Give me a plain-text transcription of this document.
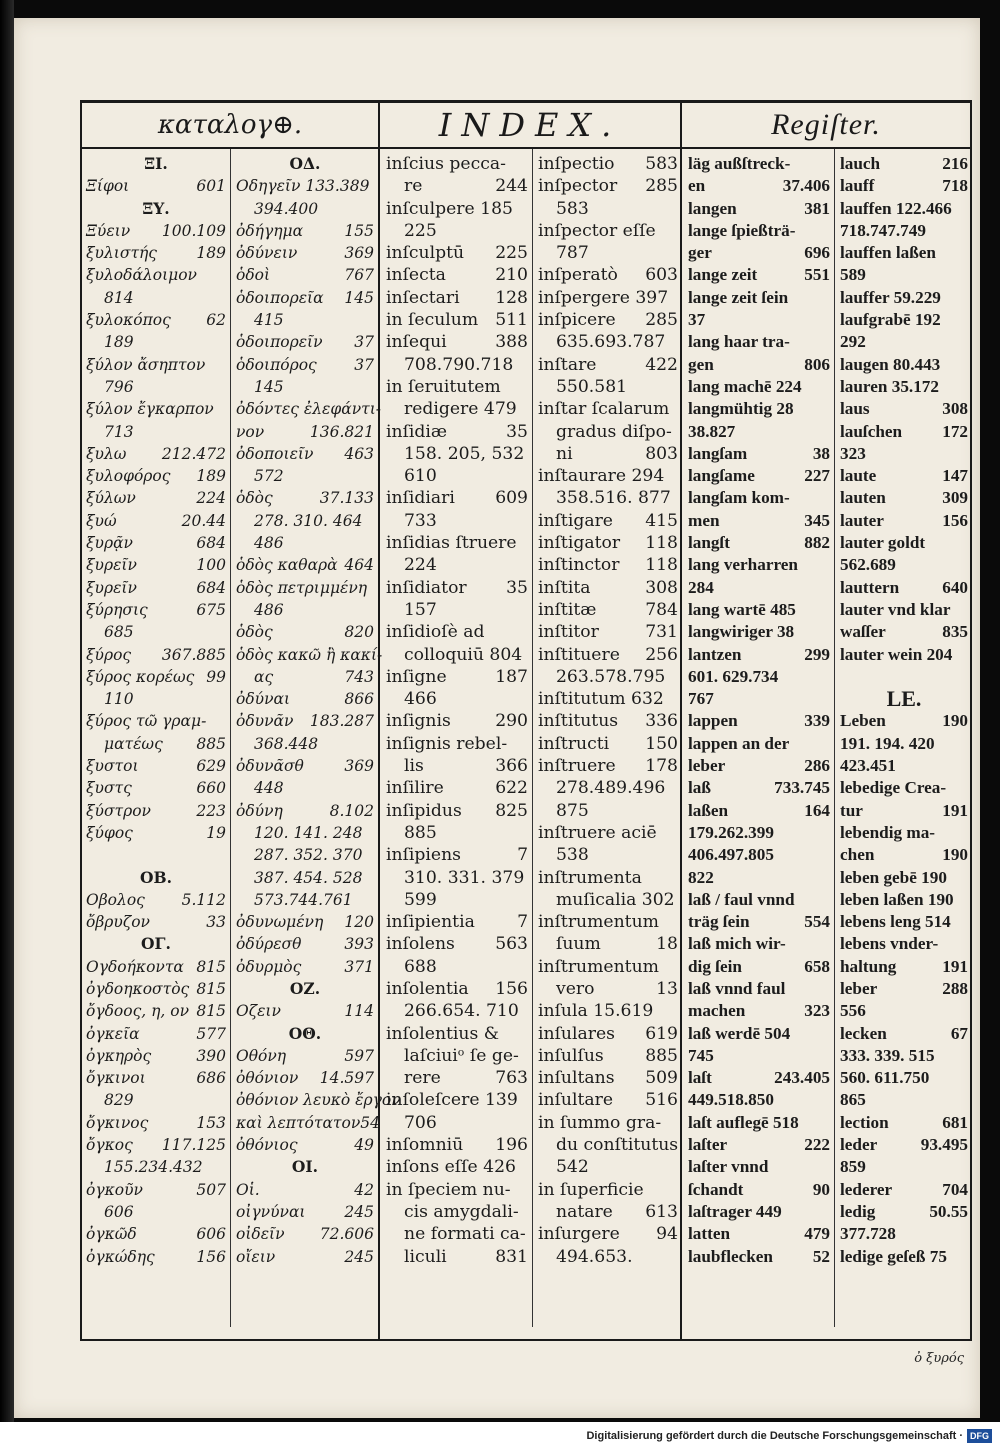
καταλογ⊕.	INDEX.	Regiſter.
ΞΙ.
Ξίφοι	601
ΞΥ.
Ξύειν 100.109
ξυλιστής	189
ξυλοδάλοιμον
814
ξυλοκόπος 62
189
ξύλον ἄσηπτον
796
ξύλον ἔγκαρπον
713
ξυλω 212.472
ξυλοφόρος 189
ξύλων	224
ξυώ	20.44
ξυρᾷν	684
ξυρεῖν	100
ξυρεῖν	684
ξύρησις	675
685
ξύρος 367.885
ξύρος κορέως 99
110
ξύρος τῶ γραμ-
ματέως 885
ξυστοι	629
ξυστς	660
ξύστρον	223
ξύφος	19
ΟΒ.
Οβολος 5.112
ὄβρυζον	33
ΟΓ.
Ογδοήκοντα 815
ὀγδοηκοστὸς 815
ὄγδοος, η, ον 815
ὀγκεῖα	577
ὀγκηρὸς	390
ὄγκινοι	686
829
ὄγκινος	153
ὄγκος 117.125
155.234.432
ὀγκοῦν	507
606
ὀγκῶδ	606
ὀγκώδης	156
ΟΔ.
Οδηγεῖν 133.389
394.400
ὀδήγημα	155
ὀδύνειν	369
ὁδοὶ	767
ὁδοιπορεῖα 145
415
ὁδοιπορεῖν 37
ὁδοιπόρος 37
145
ὀδόντες ἐλεφάντι-
νον	136.821
ὀδοποιεῖν 463
572
ὁδὸς	37.133
278. 310. 464
486
ὁδὸς καθαρὰ 464
ὁδὸς πετριμμένη
486
ὁδὸς	820
ὁδὸς κακῶ ἢ κακί-
ας	743
ὀδύναι	866
ὀδυνᾶν 183.287
368.448
ὀδυνᾶσθ	369
448
ὀδύνη	8.102
120. 141. 248
287. 352. 370
387. 454. 528
573.744.761
ὀδυνωμένη 120
ὀδύρεσθ	393
ὀδυρμὸς	371
ΟΖ.
Οζειν	114
ΟΘ.
Οθόνη	597
ὀθόνιον 14.597
ὀθόνιον λευκὸ ἔργον
καὶ λεπτότατον 54
ὀθόνιος	49
ΟΙ.
Οἱ.	42
οἰγνύναι	245
οἰδεῖν 72.606
οἴειν	245
inſcius pecca-
re	244
inſculpere 185
225
inſculptū 225
inſecta	210
inſectari 128
in ſeculum 511
inſequi	388
708.790.718
in ſeruitutem
redigere 479
inſidiæ	35
158. 205, 532
610
inſidiari 609
733
inſidias ſtruere
224
inſidiator 35
157
inſidioſè ad
colloquiū 804
inſigne	187
466
inſignis	290
inſignis rebel-
lis	366
inſilire	622
inſipidus 825
885
inſipiens	7
310. 331. 379
599
inſipientia 7
inſolens 563
688
inſolentia 156
266.654. 710
inſolentius &
laſciuiᵒ ſe ge-
rere	763
inſoleſcere 139
706
inſomniū 196
inſons eſſe 426
in ſpeciem nu-
cis amygdali-
ne formati ca-
liculi	831
inſpectio 583
inſpector 285
583
inſpector eſſe
787
inſperatò 603
inſpergere 397
inſpicere 285
635.693.787
inſtare	422
550.581
inſtar ſcalarum
gradus diſpo-
ni	803
inſtaurare 294
358.516. 877
inſtigare 415
inſtigator 118
inſtinctor 118
inſtita	308
inſtitæ	784
inſtitor	731
inſtituere 256
263.578.795
inſtitutum 632
inſtitutus 336
inſtructi 150
inſtruere 178
278.489.496
875
inſtruere aciē
538
inſtrumenta
muſicalia 302
inſtrumentum
ſuum	18
inſtrumentum
vero	13
inſula 15.619
inſulares 619
inſulſus 885
inſultans 509
inſultare 516
in ſummo gra-
du conſtitutus
542
in ſuperficie
natare 613
inſurgere 94
494.653.
läg außſtreck-
en	37.406
langen	381
lange ſpießträ-
ger	696
lange zeit	551
lange zeit ſein
37
lang haar tra-
gen	806
lang machē 224
langmühtig 28
38.827
langſam	38
langſame	227
langſam kom-
men	345
langſt	882
lang verharren
284
lang wartē 485
langwiriger 38
lantzen	299
601. 629.734
767
lappen	339
lappen an der
leber	286
laß	733.745
laßen	164
179.262.399
406.497.805
822
laß / faul vnnd
träg ſein	554
laß mich wir-
dig ſein	658
laß vnnd faul
machen	323
laß werdē 504
745
laſt	243.405
449.518.850
laſt auflegē 518
laſter	222
laſter vnnd
ſchandt	90
laſtrager 449
latten	479
laubflecken 52
lauch	216
lauff	718
lauffen 122.466
718.747.749
lauffen laßen
589
lauffer 59.229
laufgrabē 192
292
laugen 80.443
lauren 35.172
laus	308
lauſchen 172
323
laute	147
lauten	309
lauter	156
lauter goldt
562.689
lauttern	640
lauter vnd klar
waſſer	835
lauter wein 204
LE.
Leben	190
191. 194. 420
423.451
lebedige Crea-
tur	191
lebendig ma-
chen	190
leben gebē 190
leben laßen 190
lebens leng 514
lebens vnder-
haltung	191
leber	288
556
lecken	67
333. 339. 515
560. 611.750
865
lection	681
leder	93.495
859
lederer	704
ledig	50.55
377.728
ledige geſeß 75
ὀ ξυρός
Digitalisierung gefördert durch die Deutsche Forschungsgemeinschaft · DFG
